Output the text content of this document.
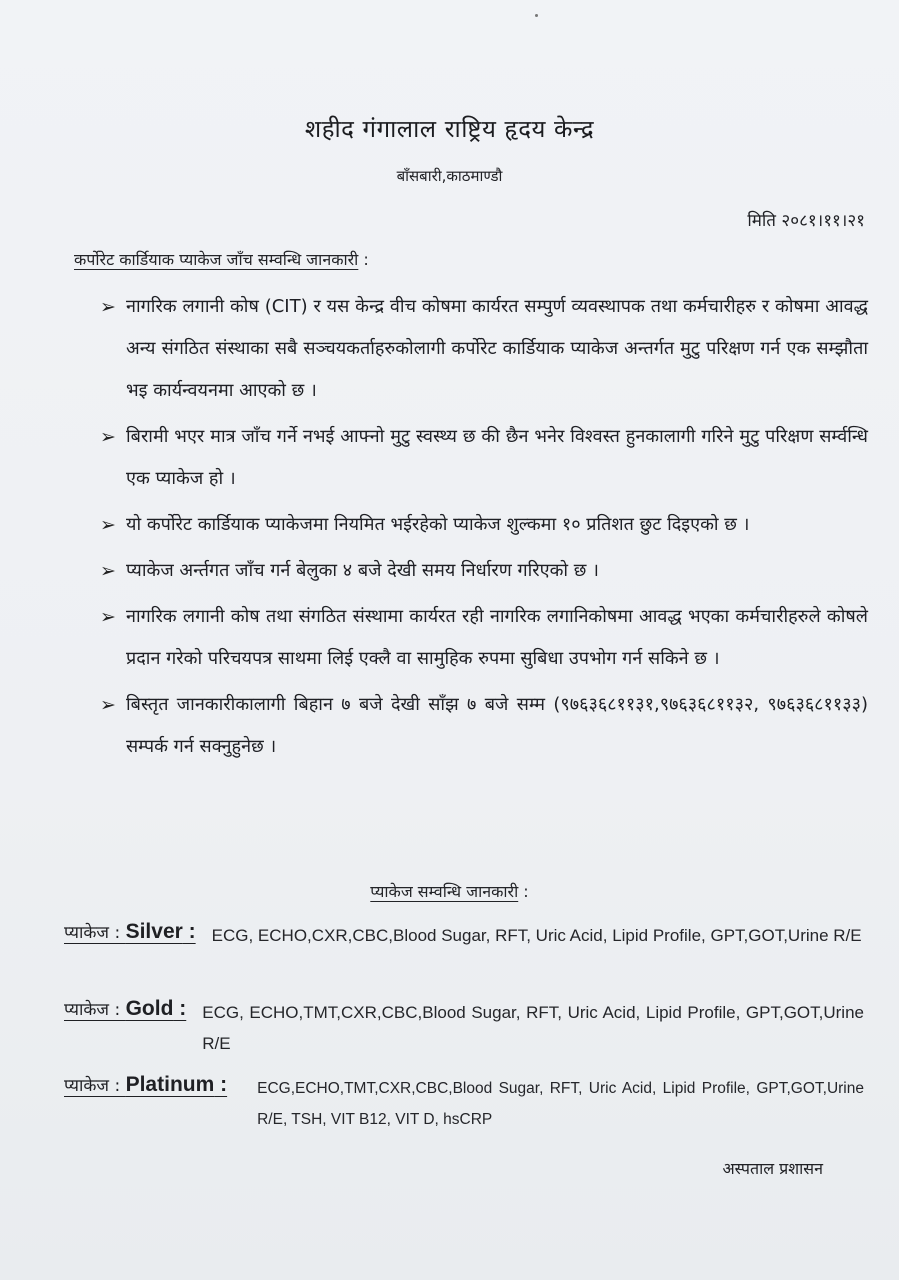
शहीद गंगालाल राष्ट्रिय हृदय केन्द्र
बाँसबारी,काठमाण्डौ
मिति २०८१।११।२१
कर्पोरेट कार्डियाक प्याकेज जाँच सम्वन्धि जानकारी :
➢ नागरिक लगानी कोष (CIT) र यस केन्द्र वीच कोषमा कार्यरत सम्पुर्ण व्यवस्थापक तथा कर्मचारीहरु र कोषमा आवद्ध अन्य संगठित संस्थाका सबै सञ्चयकर्ताहरुकोलागी कर्पोरेट कार्डियाक प्याकेज अन्तर्गत मुटु परिक्षण गर्न एक सम्झौता भइ कार्यन्वयनमा आएको छ ।
➢ बिरामी भएर मात्र जाँच गर्ने नभई आफ्नो मुटु स्वस्थ्य छ की छैन भनेर विश्वस्त हुनकालागी गरिने मुटु परिक्षण सर्म्वन्धि एक प्याकेज हो ।
➢ यो कर्पोरेट कार्डियाक प्याकेजमा नियमित भईरहेको प्याकेज शुल्कमा १० प्रतिशत छुट दिइएको छ ।
➢ प्याकेज अर्न्तगत जाँच गर्न बेलुका ४ बजे देखी समय निर्धारण गरिएको छ ।
➢ नागरिक लगानी कोष तथा संगठित संस्थामा कार्यरत रही नागरिक लगानिकोषमा आवद्ध भएका कर्मचारीहरुले कोषले प्रदान गरेको परिचयपत्र साथमा लिई एक्लै वा सामुहिक रुपमा सुबिधा उपभोग गर्न सकिने छ ।
➢ बिस्तृत जानकारीकालागी बिहान ७ बजे देखी साँझ ७ बजे सम्म (९७६३६८११३१,९७६३६८११३२, ९७६३६८११३३) सम्पर्क गर्न सक्नुहुनेछ ।
प्याकेज सम्वन्धि जानकारी :
प्याकेज : Silver : ECG, ECHO,CXR,CBC,Blood Sugar, RFT, Uric Acid, Lipid Profile, GPT,GOT,Urine R/E
प्याकेज : Gold : ECG, ECHO,TMT,CXR,CBC,Blood Sugar, RFT, Uric Acid, Lipid Profile, GPT,GOT,Urine R/E
प्याकेज : Platinum :	ECG,ECHO,TMT,CXR,CBC,Blood Sugar, RFT, Uric Acid, Lipid Profile, GPT,GOT,Urine R/E, TSH, VIT B12, VIT D, hsCRP
अस्पताल प्रशासन
